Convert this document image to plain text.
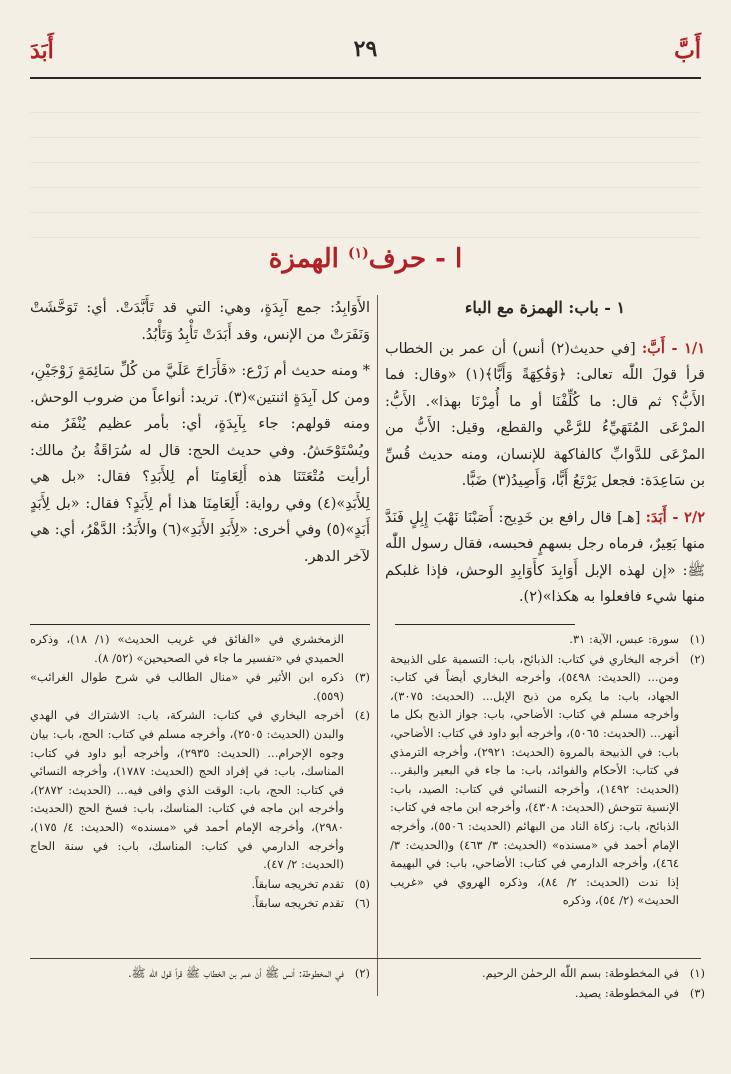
أَبَدَ	٢٩	أَبَّ
ا - حرف$^{(١)}$ الهمزة
١ - باب: الهمزة مع الباء

١/١ - أَبَّ: [في حديث(٢) أنس) أن عمر بن الخطاب قرأ قولَ اللّٰه تعالى: ﴿وَفَٰكِهَةً وَأَبًّا﴾(١) «وقال: فما الأَبُّ؟ ثم قال: ما كُلِّفْنَا أو ما أُمِرْنَا بهذا». الأَبُّ: المرْعَى المُتَهَيِّءُ للرَّعْي والقطع، وقيل: الأَبُّ من المرْعَى للدَّوابِّ كالفاكهة للإنسان، ومنه حديث قُسِّ بن سَاعِدَة: فجعل يَرْتَعُ أَبًّا، وَأَصِيدُ(٣) ضَبًّا.

٢/٢ - أَبَدَ: [هـ] قال رافع بن خَدِيج: أَصَبْنَا نَهْبَ إِبِلٍ فَنَدَّ منها بَعِيرٌ، فرماه رجل بسهمٍ فحبسه، فقال رسول اللّٰه ﷺ: «إن لهذه الإبل أَوَابِدَ كأَوَابِدِ الوحش، فإذا غلبكم منها شيء فافعلوا به هكذا»(٢).

الأَوَابِدُ: جمع آبِدَةٍ، وهي: التي قد تَأَبَّدَتْ. أي: تَوَحَّشَتْ وَنَفَرَتْ من الإنس، وقد أَبَدَتْ تَأْبِدُ وَتَأْبُدُ.

* ومنه حديث أم زَرْع: «فَأَرَاحَ عَلَيَّ من كُلِّ سَائِمَةٍ زَوْجَيْنِ، ومن كل آبِدَةٍ اثنتين»(٣). تريد: أنواعاً من ضروب الوحش. ومنه قولهم: جاء بِآبِدَةٍ، أي: بأمر عظيم يُنْفَرُ منه ويُسْتَوْحَشُ. وفي حديث الحج: قال له سُرَاقَةُ بنُ مالك: أرأيت مُتْعَتَنَا هذه أَلِعَامِنَا أم لِلأَبَدِ؟ فقال: «بل هي لِلأَبَدِ»(٤) وفي رواية: أَلِعَامِنَا هذا أم لِأَبَدٍ؟ فقال: «بل لِأَبَدٍ أَبَدٍ»(٥) وفي أخرى: «لِأَبَدِ الأَبَدِ»(٦) والأَبَدُ: الدَّهْرُ، أي: هي لآخر الدهر.

(١)
سورة: عبس، الآية: ٣١.
(٢)
أخرجه البخاري في كتاب: الذبائح، باب: التسمية على الذبيحة ومن... (الحديث: ٥٤٩٨)، وأخرجه البخاري أيضاً في كتاب: الجهاد، باب: ما يكره من ذبح الإبل... (الحديث: ٣٠٧٥)، وأخرجه مسلم في كتاب: الأضاحي، باب: جواز الذبح بكل ما أنهر... (الحديث: ٥٠٦٥)، وأخرجه أبو داود في كتاب: الأضاحي، باب: في الذبيحة بالمروة (الحديث: ٢٩٢١)، وأخرجه الترمذي في كتاب: الأحكام والفوائد، باب: ما جاء في البعير والبقر... (الحديث: ١٤٩٢)، وأخرجه النسائي في كتاب: الصيد، باب: الإنسية تتوحش (الحديث: ٤٣٠٨)، وأخرجه ابن ماجه في كتاب: الذبائح، باب: زكاة الناد من البهائم (الحديث: ٥٥٠٦)، وأخرجه الإمام أحمد في «مسنده» (الحديث: ٣/ ٤٦٣) و(الحديث: ٣/ ٤٦٤)، وأخرجه الدارمي في كتاب: الأضاحي، باب: في البهيمة إذا ندت (الحديث: ٢/ ٨٤)، وذكره الهروي في «غريب الحديث» (٢/ ٥٤)، وذكره
الزمخشري في «الفائق في غريب الحديث» (١/ ١٨)، وذكره الحميدي في «تفسير ما جاء في الصحيحين» (٥٢/ ٨).
(٣)
ذكره ابن الأثير في «منال الطالب في شرح طوال الغرائب» (٥٥٩).
(٤)
أخرجه البخاري في كتاب: الشركة، باب: الاشتراك في الهدي والبدن (الحديث: ٢٥٠٥)، وأخرجه مسلم في كتاب: الحج، باب: بيان وجوه الإحرام... (الحديث: ٢٩٣٥)، وأخرجه أبو داود في كتاب: المناسك، باب: في إفراد الحج (الحديث: ١٧٨٧)، وأخرجه النسائي في كتاب: الحج، باب: الوقت الذي وافى فيه... (الحديث: ٢٨٧٢)، وأخرجه ابن ماجه في كتاب: المناسك، باب: فسخ الحج (الحديث: ٢٩٨٠)، وأخرجه الإمام أحمد في «مسنده» (الحديث: ٤/ ١٧٥)، وأخرجه الدارمي في كتاب: المناسك، باب: في سنة الحاج (الحديث: ٢/ ٤٧).
(٥)
تقدم تخريجه سابقاً.
(٦)
تقدم تخريجه سابقاً.
(١)
في المخطوطة: بسم اللّٰه الرحمٰن الرحيم.
(٣)
في المخطوطة: يصيد.
(٢)
في المخطوطة: أنس ﷺ أن عمر بن الخطاب ﷺ قرأ قول اللّٰه ﷺ.
